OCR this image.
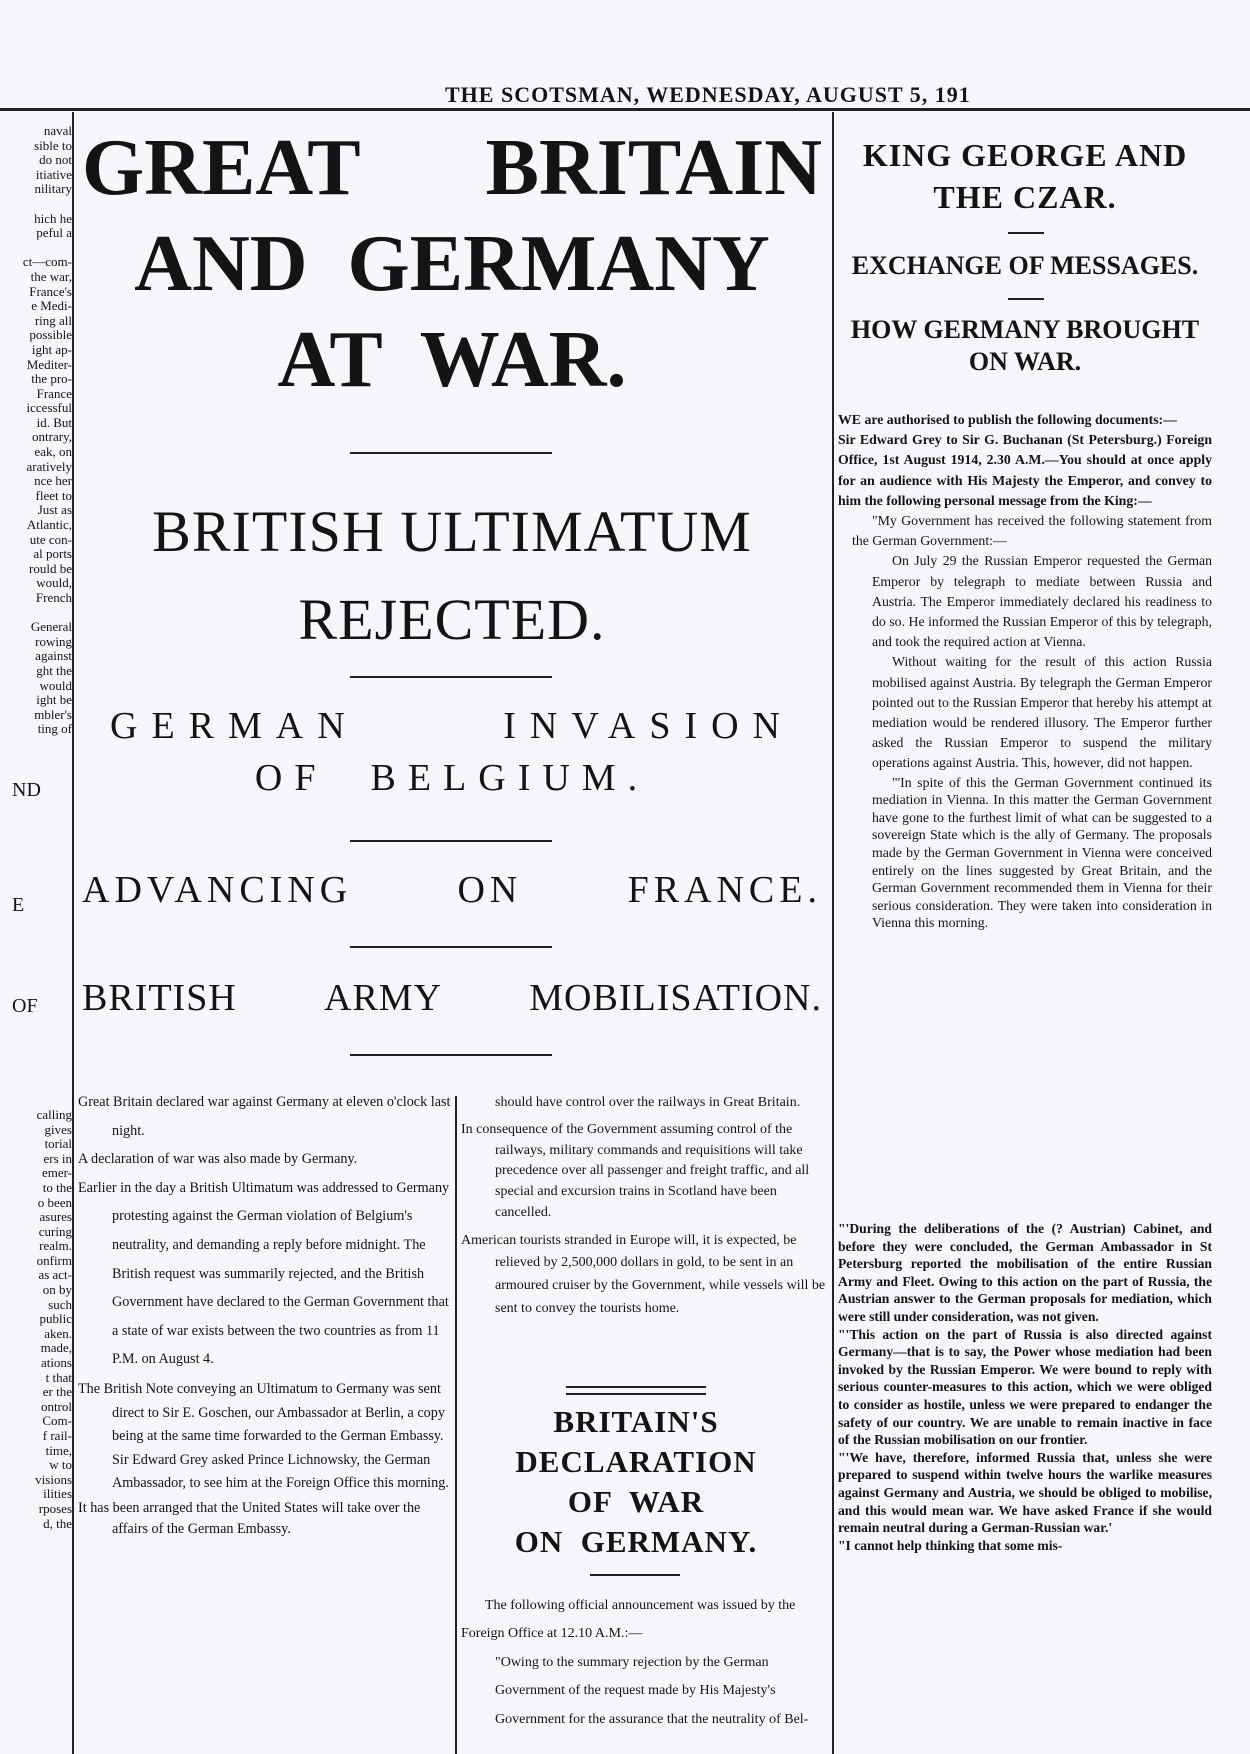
THE SCOTSMAN, WEDNESDAY, AUGUST 5, 191
naval
sible to
do not
itiative
nilitary

hich he
peful a

ct—com-
the war,
France's
e Medi-
ring all
possible
ight ap-
Mediter-
the pro-
France
iccessful
id. But
ontrary,
eak, on
aratively
nce her
fleet to
Just as
Atlantic,
ute con-
al ports
rould be
would,
French

General
rowing
against
ght the
would
ight be
mbler's
ting of
ND
E
OF
calling
gives
torial
ers in
emer-
to the
o been
asures
curing
realm.
onfirm
as act-
on by
such
public
aken.
made,
ations
t that
er the
ontrol
Com-
f rail-
time,
w to
visions
ilities
rposes
d, the
GREAT BRITAIN
AND  GERMANY
AT  WAR.
BRITISH ULTIMATUM
REJECTED.
GERMAN	INVASION
OF  BELGIUM.
ADVANCING	ON	FRANCE.
BRITISH ARMY MOBILISATION.

Great Britain declared war against Germany at eleven o'clock last night.

A declaration of war was also made by Germany.

Earlier in the day a British Ultimatum was addressed to Germany protesting against the German violation of Belgium's neutrality, and demanding a reply before midnight. The British request was summarily rejected, and the British Government have declared to the German Government that a state of war exists between the two countries as from 11 P.M. on August 4.

The British Note conveying an Ultimatum to Germany was sent direct to Sir E. Goschen, our Ambassador at Berlin, a copy being at the same time forwarded to the German Embassy. Sir Edward Grey asked Prince Lichnowsky, the German Ambassador, to see him at the Foreign Office this morning.

It has been arranged that the United States will take over the affairs of the German Embassy.

should have control over the railways in Great Britain.

In consequence of the Government assuming control of the railways, military commands and requisitions will take precedence over all passenger and freight traffic, and all special and excursion trains in Scotland have been cancelled.

American tourists stranded in Europe will, it is expected, be relieved by 2,500,000 dollars in gold, to be sent in an armoured cruiser by the Government, while vessels will be sent to convey the tourists home.

BRITAIN'S
DECLARATION
OF  WAR
ON  GERMANY.

The following official announcement was issued by the Foreign Office at 12.10 A.M.:—

"Owing to the summary rejection by the German Government of the request made by His Majesty's Government for the assurance that the neutrality of Bel-

KING GEORGE AND THE CZAR.
EXCHANGE OF MESSAGES.
HOW GERMANY BROUGHT
ON WAR.

WE are authorised to publish the following documents:—

Sir Edward Grey to Sir G. Buchanan (St Petersburg.) Foreign Office, 1st August 1914, 2.30 A.M.—You should at once apply for an audience with His Majesty the Emperor, and convey to him the following personal message from the King:—

"My Government has received the following statement from the German Government:—

On July 29 the Russian Emperor requested the German Emperor by telegraph to mediate between Russia and Austria. The Emperor immediately declared his readiness to do so. He informed the Russian Emperor of this by telegraph, and took the required action at Vienna.

Without waiting for the result of this action Russia mobilised against Austria. By telegraph the German Emperor pointed out to the Russian Emperor that hereby his attempt at mediation would be rendered illusory. The Emperor further asked the Russian Emperor to suspend the military operations against Austria. This, however, did not happen.

"'In spite of this the German Government continued its mediation in Vienna. In this matter the German Government have gone to the furthest limit of what can be suggested to a sovereign State which is the ally of Germany. The proposals made by the German Government in Vienna were conceived entirely on the lines suggested by Great Britain, and the German Government recommended them in Vienna for their serious consideration. They were taken into consideration in Vienna this morning.

"'During the deliberations of the (? Austrian) Cabinet, and before they were concluded, the German Ambassador in St Petersburg reported the mobilisation of the entire Russian Army and Fleet. Owing to this action on the part of Russia, the Austrian answer to the German proposals for mediation, which were still under consideration, was not given.

"'This action on the part of Russia is also directed against Germany—that is to say, the Power whose mediation had been invoked by the Russian Emperor. We were bound to reply with serious counter-measures to this action, which we were obliged to consider as hostile, unless we were prepared to endanger the safety of our country. We are unable to remain inactive in face of the Russian mobilisation on our frontier.

"'We have, therefore, informed Russia that, unless she were prepared to suspend within twelve hours the warlike measures against Germany and Austria, we should be obliged to mobilise, and this would mean war. We have asked France if she would remain neutral during a German-Russian war.'

"I cannot help thinking that some mis-
